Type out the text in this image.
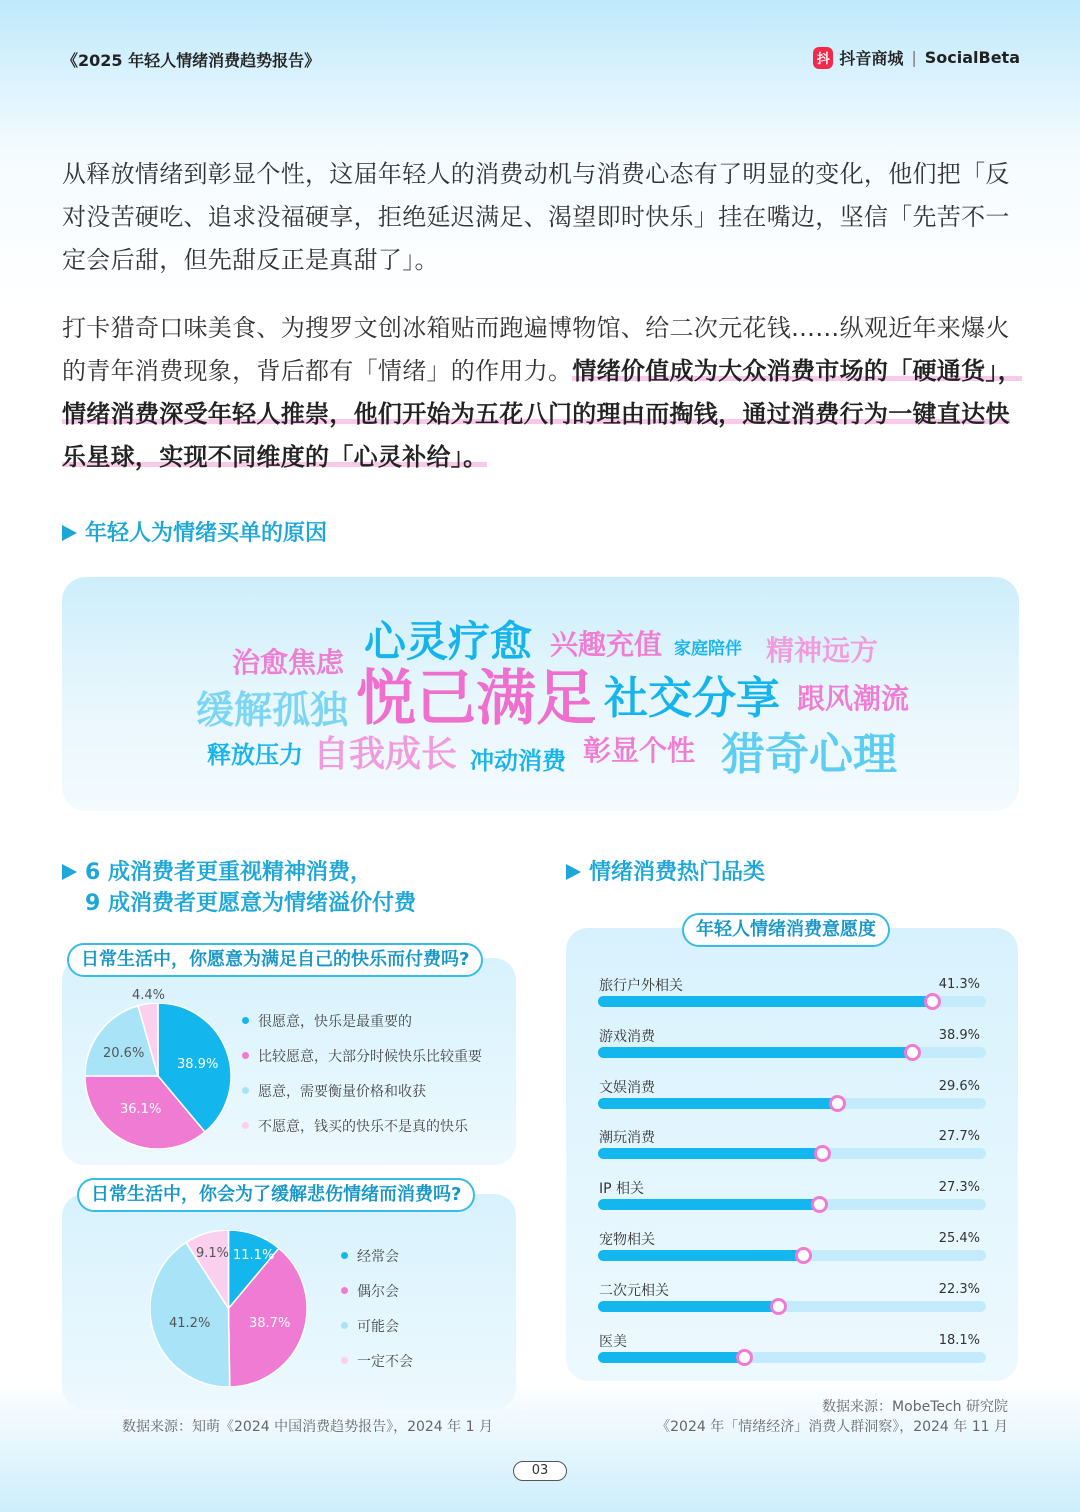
《2025 年轻人情绪消费趋势报告》	抖 抖音商城 | SocialBeta

从释放情绪到彰显个性，这届年轻人的消费动机与消费心态有了明显的变化，他们把「反对没苦硬吃、追求没福硬享，拒绝延迟满足、渴望即时快乐」挂在嘴边，坚信「先苦不一定会后甜，但先甜反正是真甜了」。

打卡猎奇口味美食、为搜罗文创冰箱贴而跑遍博物馆、给二次元花钱……纵观近年来爆火的青年消费现象，背后都有「情绪」的作用力。情绪价值成为大众消费市场的「硬通货」，情绪消费深受年轻人推崇，他们开始为五花八门的理由而掏钱，通过消费行为一键直达快乐星球，实现不同维度的「心灵补给」。

年轻人为情绪买单的原因
心灵疗愈 兴趣充值 家庭陪伴 精神远方
治愈焦虑
缓解孤独 悦己满足 社交分享 跟风潮流
释放压力 自我成长 冲动消费 彰显个性 猎奇心理
6 成消费者更重视精神消费，
9 成消费者更愿意为情绪溢价付费
日常生活中，你愿意为满足自己的快乐而付费吗?
4.4%
20.6%
38.9%
36.1%
很愿意，快乐是最重要的
比较愿意，大部分时候快乐比较重要
愿意，需要衡量价格和收获
不愿意，钱买的快乐不是真的快乐
日常生活中，你会为了缓解悲伤情绪而消费吗?
9.1% 11.1%
41.2%	38.7%
经常会
偶尔会
可能会
一定不会
数据来源：知萌《2024 中国消费趋势报告》，2024 年 1 月
情绪消费热门品类
年轻人情绪消费意愿度
旅行户外相关	41.3%
游戏消费	38.9%
文娱消费	29.6%
潮玩消费	27.7%
IP 相关	27.3%
宠物相关	25.4%
二次元相关	22.3%
医美	18.1%
数据来源：MobeTech 研究院
《2024 年「情绪经济」消费人群洞察》，2024 年 11 月
03
